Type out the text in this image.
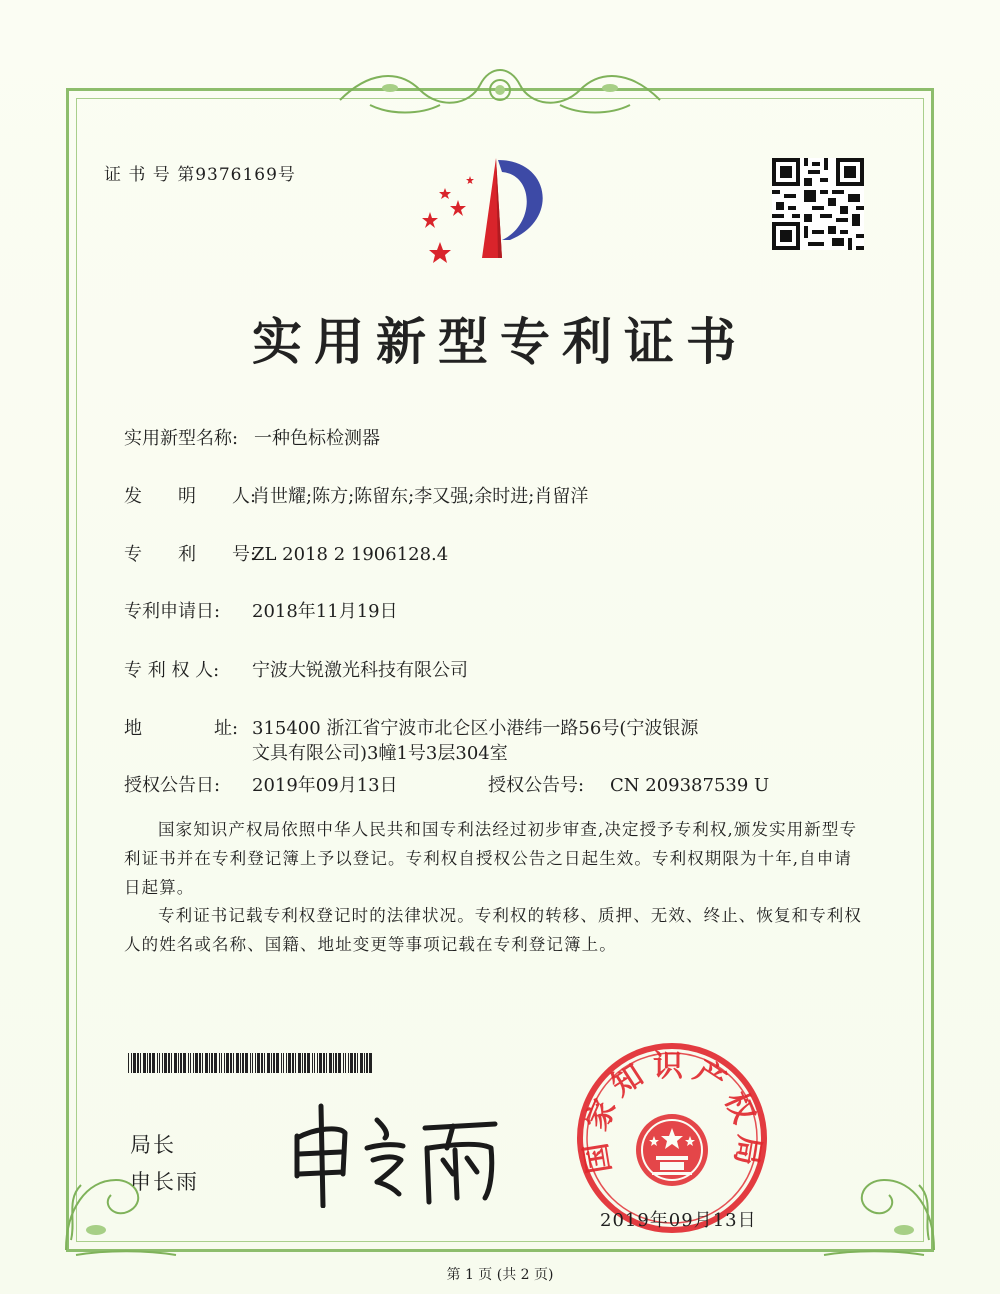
证 书 号 第9376169号
实用新型专利证书
实用新型名称: 一种色标检测器
发　　明　　人:肖世耀;陈方;陈留东;李又强;余时进;肖留洋
专　　利　　号:ZL 2018 2 1906128.4
专利申请日: 2018年11月19日
专 利 权 人: 宁波大锐激光科技有限公司
地　　　　址: 315400 浙江省宁波市北仑区小港纬一路56号(宁波银源
文具有限公司)3幢1号3层304室
授权公告日: 2019年09月13日	授权公告号: CN 209387539 U

国家知识产权局依照中华人民共和国专利法经过初步审查,决定授予专利权,颁发实用新型专利证书并在专利登记簿上予以登记。专利权自授权公告之日起生效。专利权期限为十年,自申请日起算。

专利证书记载专利权登记时的法律状况。专利权的转移、质押、无效、终止、恢复和专利权人的姓名或名称、国籍、地址变更等事项记载在专利登记簿上。

局长
申长雨
国家知识产权局
2019年09月13日
第 1 页 (共 2 页)
